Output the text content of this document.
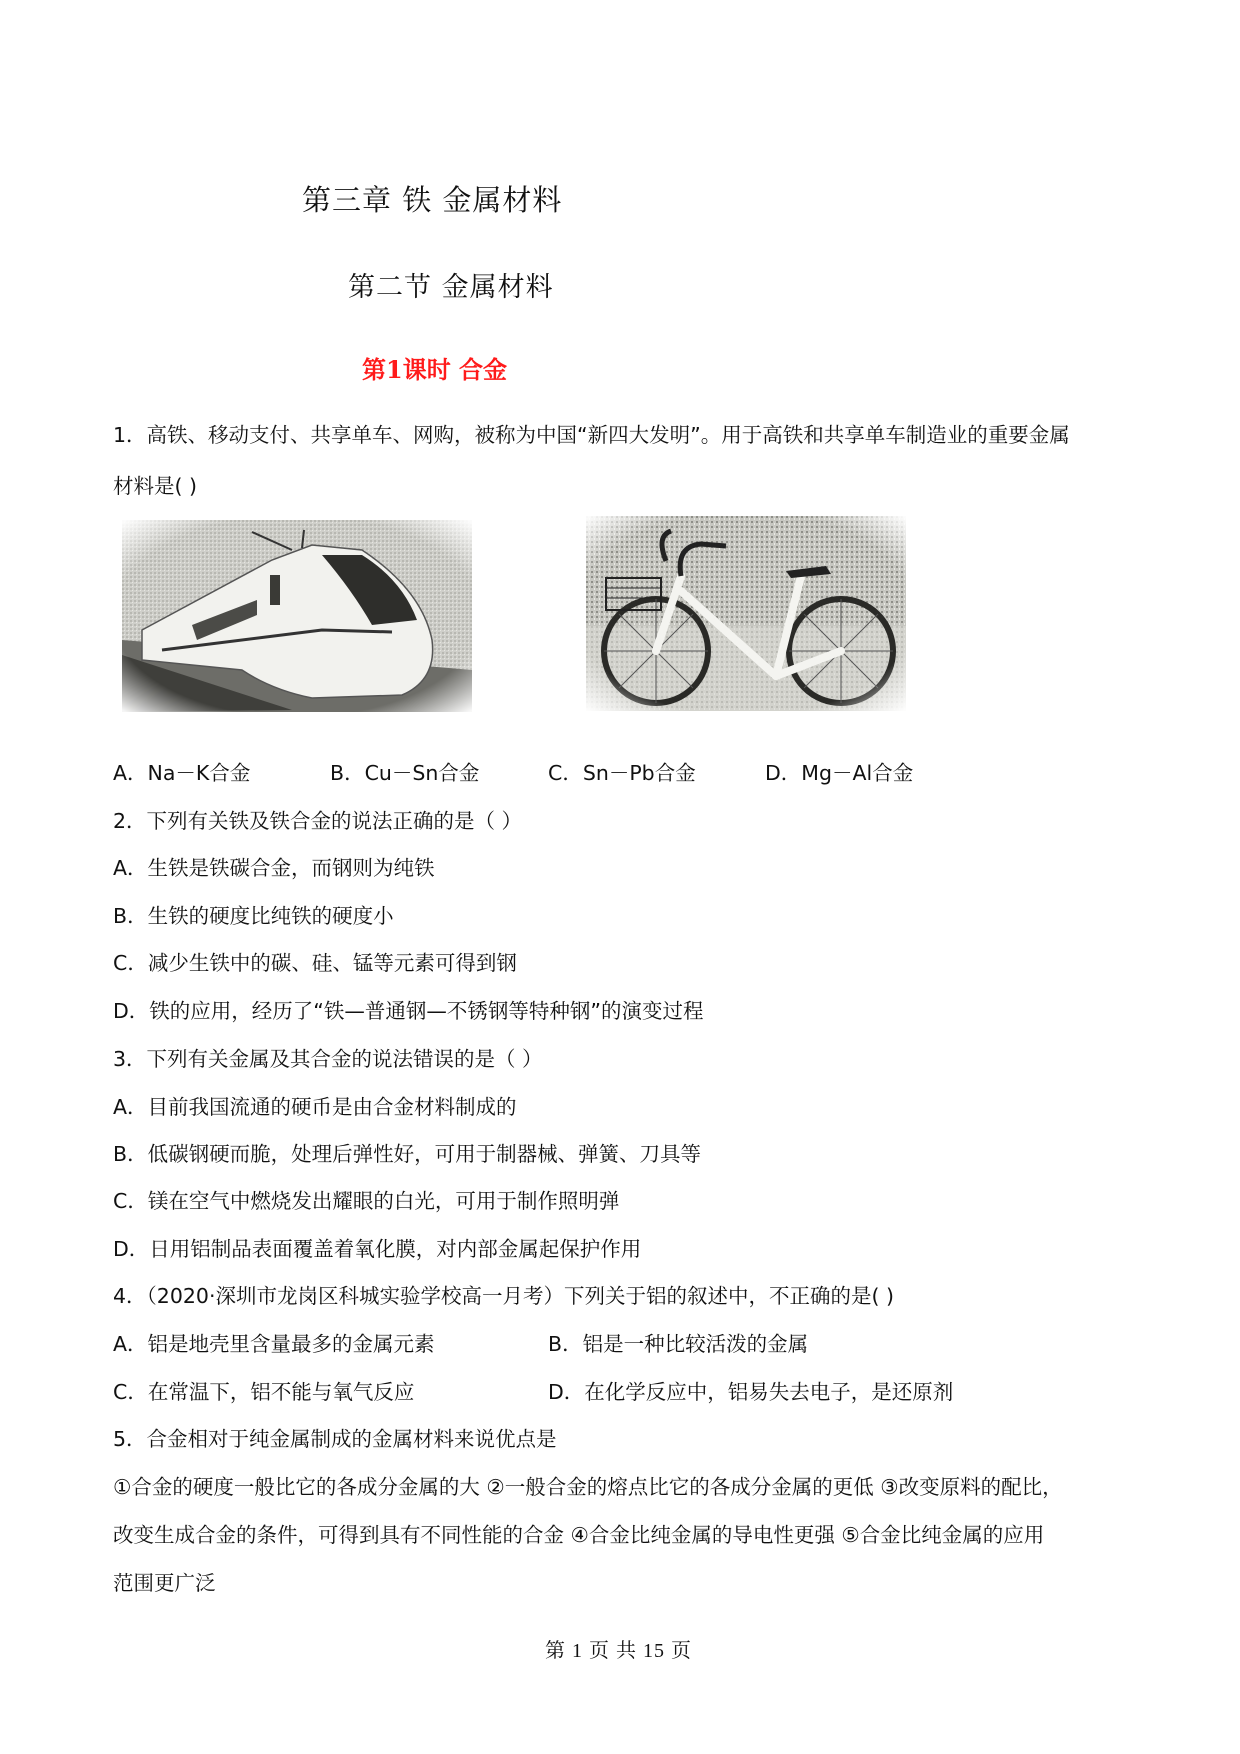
第三章 铁 金属材料
第二节 金属材料
第1课时 合金
1．高铁、移动支付、共享单车、网购，被称为中国“新四大发明”。用于高铁和共享单车制造业的重要金属
材料是( )
A．Na－K合金	B．Cu－Sn合金	C．Sn－Pb合金	D．Mg－Al合金
2．下列有关铁及铁合金的说法正确的是（ ）
A．生铁是铁碳合金，而钢则为纯铁
B．生铁的硬度比纯铁的硬度小
C．减少生铁中的碳、硅、锰等元素可得到钢
D．铁的应用，经历了“铁—普通钢—不锈钢等特种钢”的演变过程
3．下列有关金属及其合金的说法错误的是（ ）
A．目前我国流通的硬币是由合金材料制成的
B．低碳钢硬而脆，处理后弹性好，可用于制器械、弹簧、刀具等
C．镁在空气中燃烧发出耀眼的白光，可用于制作照明弹
D．日用铝制品表面覆盖着氧化膜，对内部金属起保护作用
4．（2020·深圳市龙岗区科城实验学校高一月考）下列关于铝的叙述中，不正确的是( )
A．铝是地壳里含量最多的金属元素	B．铝是一种比较活泼的金属
C．在常温下，铝不能与氧气反应	D．在化学反应中，铝易失去电子，是还原剂
5．合金相对于纯金属制成的金属材料来说优点是
①合金的硬度一般比它的各成分金属的大 ②一般合金的熔点比它的各成分金属的更低 ③改变原料的配比，
改变生成合金的条件，可得到具有不同性能的合金 ④合金比纯金属的导电性更强 ⑤合金比纯金属的应用
范围更广泛
第 1 页 共 15 页
